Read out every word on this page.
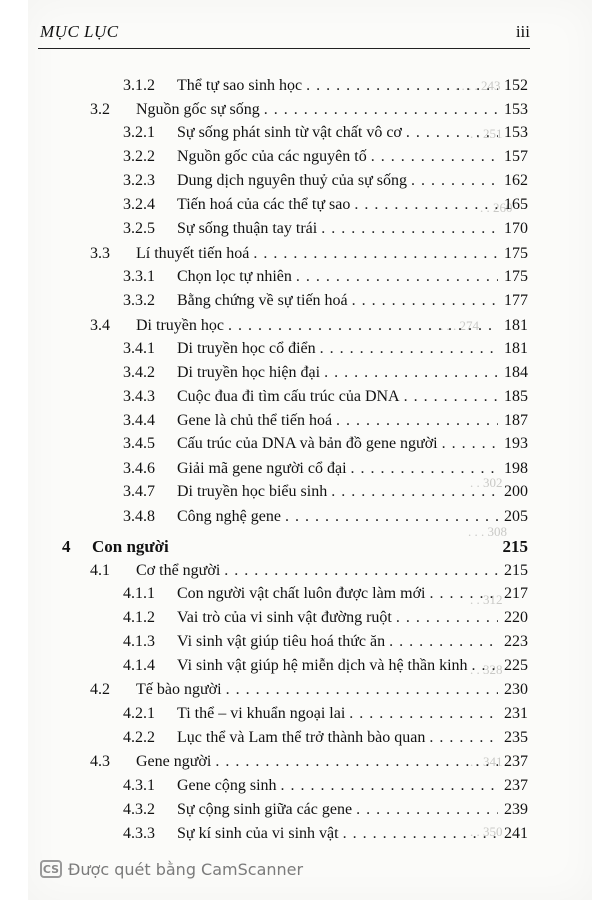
MỤC LỤC	iii
. . . . 243
. . 251
. . 260
. . . 274
. . 302
. . . 308
. . 312
. . 328
. . 341
. . 350
3.1.2	Thể tự sao sinh học . . .	152
3.2	Nguồn gốc sự sống . . .	153
3.2.1	Sự sống phát sinh từ vật chất vô cơ . . .	153
3.2.2	Nguồn gốc của các nguyên tố . . .	157
3.2.3	Dung dịch nguyên thuỷ của sự sống . . .	162
3.2.4	Tiến hoá của các thể tự sao . . .	165
3.2.5	Sự sống thuận tay trái . . .	170
3.3	Lí thuyết tiến hoá . . .	175
3.3.1	Chọn lọc tự nhiên . . .	175
3.3.2	Bằng chứng về sự tiến hoá . . .	177
3.4	Di truyền học . . .	181
3.4.1	Di truyền học cổ điển . . .	181
3.4.2	Di truyền học hiện đại . . .	184
3.4.3	Cuộc đua đi tìm cấu trúc của DNA . . .	185
3.4.4	Gene là chủ thể tiến hoá . . .	187
3.4.5	Cấu trúc của DNA và bản đồ gene người . . .	193
3.4.6	Giải mã gene người cổ đại . . .	198
3.4.7	Di truyền học biểu sinh . . .	200
3.4.8	Công nghệ gene . . .	205
4	Con người	215
4.1	Cơ thể người . . .	215
4.1.1	Con người vật chất luôn được làm mới . . .	217
4.1.2	Vai trò của vi sinh vật đường ruột . . .	220
4.1.3	Vi sinh vật giúp tiêu hoá thức ăn . . .	223
4.1.4	Vi sinh vật giúp hệ miễn dịch và hệ thần kinh . . . 225
4.2	Tế bào người . . .	230
4.2.1	Ti thể – vi khuẩn ngoại lai . . .	231
4.2.2	Lục thể và Lam thể trở thành bào quan . . .	235
4.3	Gene người . . .	237
4.3.1	Gene cộng sinh . . .	237
4.3.2	Sự cộng sinh giữa các gene . . .	239
4.3.3	Sự kí sinh của vi sinh vật . . .	241
CS Được quét bằng CamScanner
